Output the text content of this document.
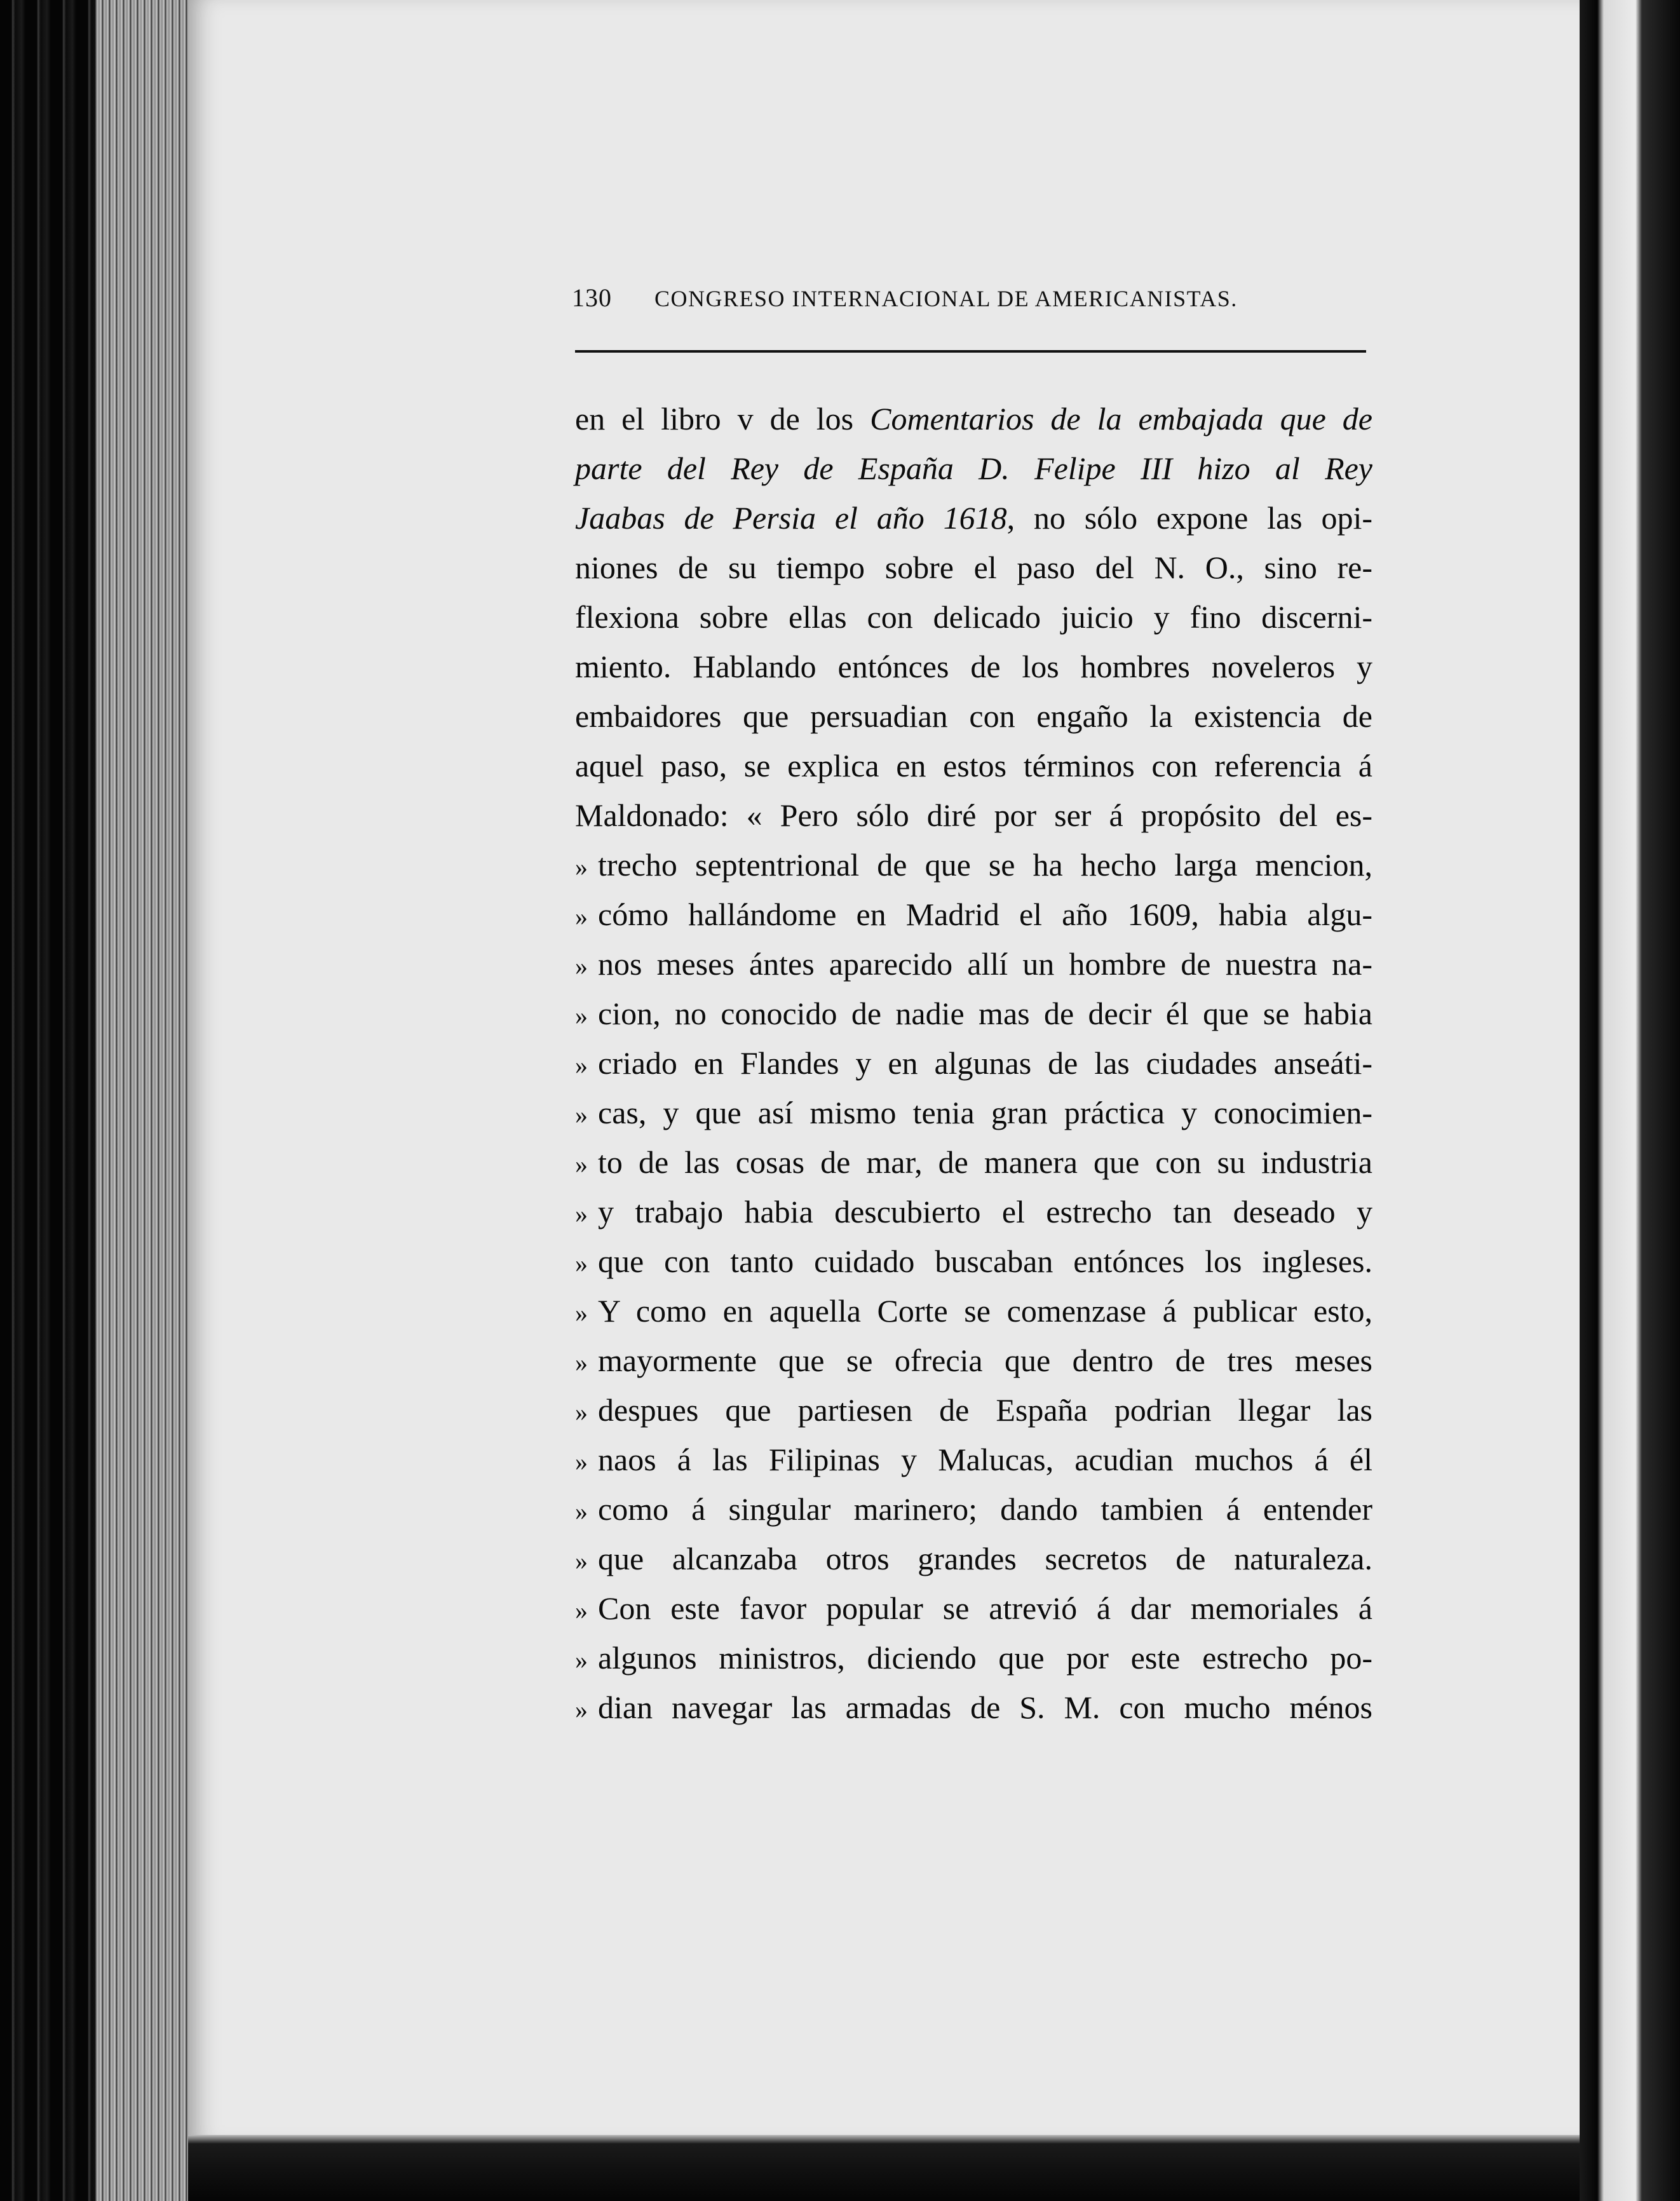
130 CONGRESO INTERNACIONAL DE AMERICANISTAS.
en el libro v de los Comentarios de la embajada que de
parte del Rey de España D. Felipe III hizo al Rey
Jaabas de Persia el año 1618, no sólo expone las opi-
niones de su tiempo sobre el paso del N. O., sino re-
flexiona sobre ellas con delicado juicio y fino discerni-
miento. Hablando entónces de los hombres noveleros y
embaidores que persuadian con engaño la existencia de
aquel paso, se explica en estos términos con referencia á
Maldonado: « Pero sólo diré por ser á propósito del es-
» trecho septentrional de que se ha hecho larga mencion,
» cómo hallándome en Madrid el año 1609, habia algu-
» nos meses ántes aparecido allí un hombre de nuestra na-
» cion, no conocido de nadie mas de decir él que se habia
» criado en Flandes y en algunas de las ciudades anseáti-
» cas, y que así mismo tenia gran práctica y conocimien-
» to de las cosas de mar, de manera que con su industria
» y trabajo habia descubierto el estrecho tan deseado y
» que con tanto cuidado buscaban entónces los ingleses.
» Y como en aquella Corte se comenzase á publicar esto,
» mayormente que se ofrecia que dentro de tres meses
» despues que partiesen de España podrian llegar las
» naos á las Filipinas y Malucas, acudian muchos á él
» como á singular marinero; dando tambien á entender
» que alcanzaba otros grandes secretos de naturaleza.
» Con este favor popular se atrevió á dar memoriales á
» algunos ministros, diciendo que por este estrecho po-
» dian navegar las armadas de S. M. con mucho ménos
